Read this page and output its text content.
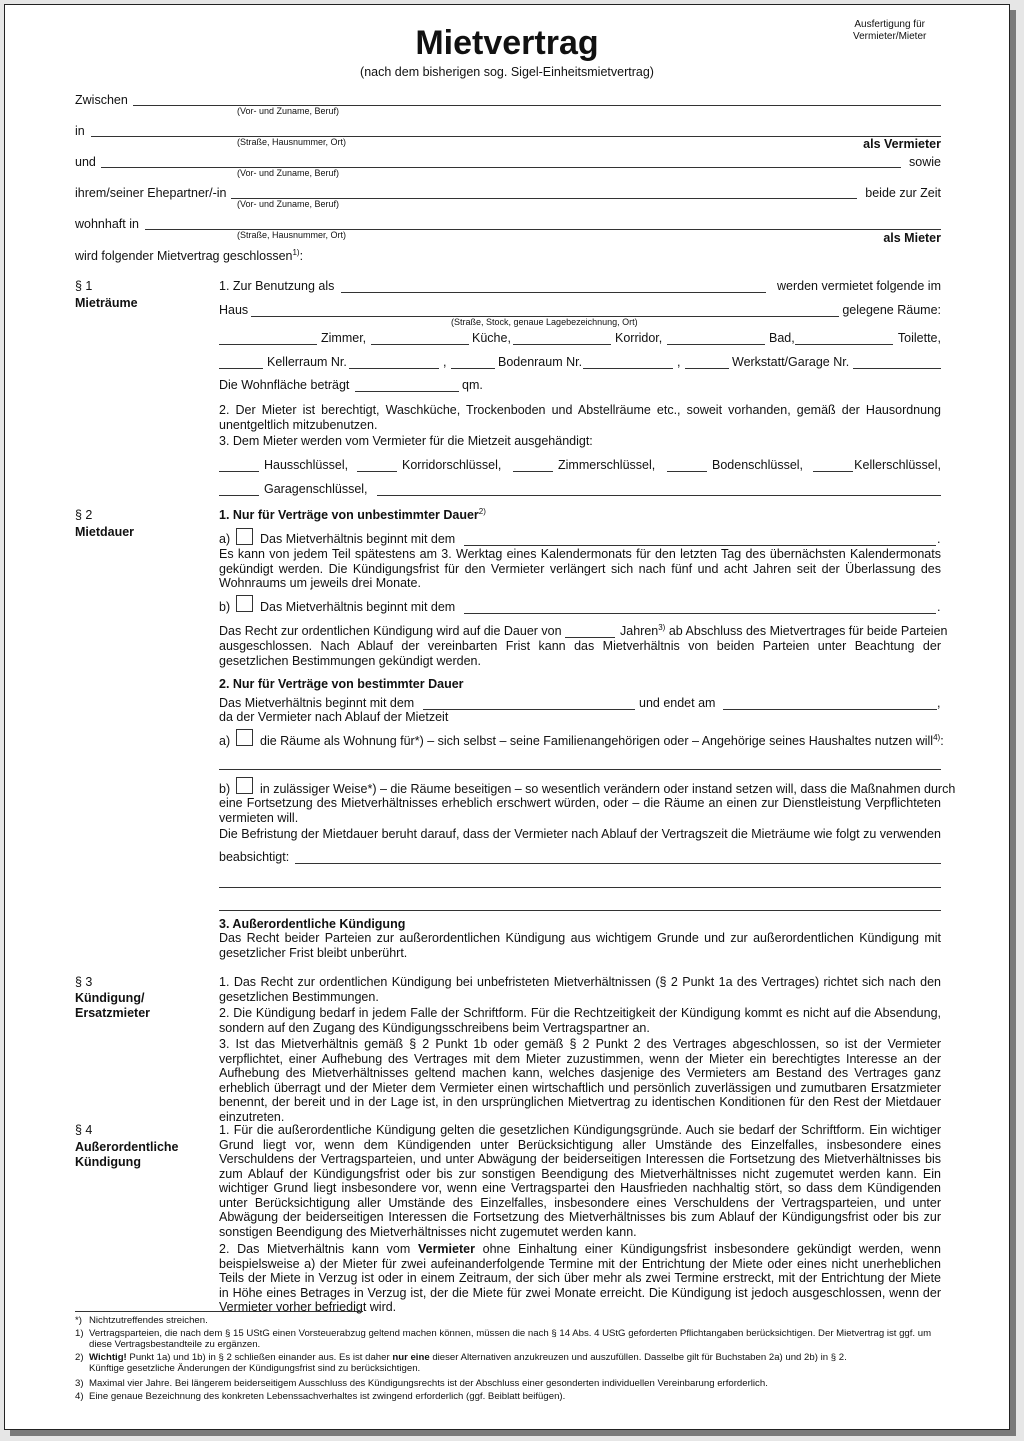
Mietvertrag
(nach dem bisherigen sog. Sigel-Einheitsmietvertrag)
Ausfertigung für
Vermieter/Mieter
Zwischen
(Vor- und Zuname, Beruf)
in
(Straße, Hausnummer, Ort)	als Vermieter
und
(Vor- und Zuname, Beruf)
sowie
ihrem/seiner Ehepartner/-in
(Vor- und Zuname, Beruf)
beide zur Zeit
wohnhaft in
(Straße, Hausnummer, Ort)	als Mieter
wird folgender Mietvertrag geschlossen$^{1)}$:
§ 1
Mieträume
1. Zur Benutzung als	werden vermietet folgende im
Haus	gelegene Räume:
(Straße, Stock, genaue Lagebezeichnung, Ort)
Zimmer,	Küche,	Korridor,	Bad,	Toilette,
Kellerraum Nr.	,	Bodenraum Nr.	,	Werkstatt/Garage Nr.
Die Wohnfläche beträgt	qm.
2. Der Mieter ist berechtigt, Waschküche, Trockenboden und Abstellräume etc., soweit vorhanden, gemäß der Hausordnung unentgeltlich mitzubenutzen.
3. Dem Mieter werden vom Vermieter für die Mietzeit ausgehändigt:
Hausschlüssel,	Korridorschlüssel,	Zimmerschlüssel,	Bodenschlüssel,	Kellerschlüssel,
Garagenschlüssel,
§ 2
Mietdauer
1. Nur für Verträge von unbestimmter Dauer$^{2)}$
a) Das Mietverhältnis beginnt mit dem	.
Es kann von jedem Teil spätestens am 3. Werktag eines Kalendermonats für den letzten Tag des übernächsten Kalendermonats gekündigt werden. Die Kündigungsfrist für den Vermieter verlängert sich nach fünf und acht Jahren seit der Überlassung des Wohnraums um jeweils drei Monate.
b) Das Mietverhältnis beginnt mit dem	.
Das Recht zur ordentlichen Kündigung wird auf die Dauer von	Jahren$^{3)}$ ab Abschluss des Mietvertrages für beide Parteien
ausgeschlossen. Nach Ablauf der vereinbarten Frist kann das Mietverhältnis von beiden Parteien unter Beachtung der gesetzlichen Bestimmungen gekündigt werden.
2. Nur für Verträge von bestimmter Dauer
Das Mietverhältnis beginnt mit dem	und endet am	,
da der Vermieter nach Ablauf der Mietzeit
a) die Räume als Wohnung für*) – sich selbst – seine Familienangehörigen oder – Angehörige seines Haushaltes nutzen will$^{4)}$:
b) in zulässiger Weise*) – die Räume beseitigen – so wesentlich verändern oder instand setzen will, dass die Maßnahmen durch
eine Fortsetzung des Mietverhältnisses erheblich erschwert würden, oder – die Räume an einen zur Dienstleistung Verpflichteten vermieten will.
Die Befristung der Mietdauer beruht darauf, dass der Vermieter nach Ablauf der Vertragszeit die Mieträume wie folgt zu verwenden
beabsichtigt:
3. Außerordentliche Kündigung
Das Recht beider Parteien zur außerordentlichen Kündigung aus wichtigem Grunde und zur außerordentlichen Kündigung mit gesetzlicher Frist bleibt unberührt.
§ 3
Kündigung/
Ersatzmieter
1. Das Recht zur ordentlichen Kündigung bei unbefristeten Mietverhältnissen (§ 2 Punkt 1a des Vertrages) richtet sich nach den gesetzlichen Bestimmungen.
2. Die Kündigung bedarf in jedem Falle der Schriftform. Für die Rechtzeitigkeit der Kündigung kommt es nicht auf die Absendung, sondern auf den Zugang des Kündigungsschreibens beim Vertragspartner an.
3. Ist das Mietverhältnis gemäß § 2 Punkt 1b oder gemäß § 2 Punkt 2 des Vertrages abgeschlossen, so ist der Vermieter verpflichtet, einer Aufhebung des Vertrages mit dem Mieter zuzustimmen, wenn der Mieter ein berechtigtes Interesse an der Aufhebung des Mietverhältnisses geltend machen kann, welches dasjenige des Vermieters am Bestand des Vertrages ganz erheblich überragt und der Mieter dem Vermieter einen wirtschaftlich und persönlich zuverlässigen und zumutbaren Ersatzmieter benennt, der bereit und in der Lage ist, in den ursprünglichen Mietvertrag zu identischen Konditionen für den Rest der Mietdauer einzutreten.
§ 4
Außerordentliche
Kündigung
1. Für die außerordentliche Kündigung gelten die gesetzlichen Kündigungsgründe. Auch sie bedarf der Schriftform. Ein wichtiger Grund liegt vor, wenn dem Kündigenden unter Berücksichtigung aller Umstände des Einzelfalles, insbesondere eines Verschuldens der Vertragsparteien, und unter Abwägung der beiderseitigen Interessen die Fortsetzung des Mietverhältnisses bis zum Ablauf der Kündigungsfrist oder bis zur sonstigen Beendigung des Mietverhältnisses nicht zugemutet werden kann. Ein wichtiger Grund liegt insbesondere vor, wenn eine Vertragspartei den Hausfrieden nachhaltig stört, so dass dem Kündigenden unter Berücksichtigung aller Umstände des Einzelfalles, insbesondere eines Verschuldens der Vertragsparteien, und unter Abwägung der beiderseitigen Interessen die Fortsetzung des Mietverhältnisses bis zum Ablauf der Kündigungsfrist oder bis zur sonstigen Beendigung des Mietverhältnisses nicht zugemutet werden kann.
2. Das Mietverhältnis kann vom Vermieter ohne Einhaltung einer Kündigungsfrist insbesondere gekündigt werden, wenn beispielsweise a) der Mieter für zwei aufeinanderfolgende Termine mit der Entrichtung der Miete oder eines nicht unerheblichen Teils der Miete in Verzug ist oder in einem Zeitraum, der sich über mehr als zwei Termine erstreckt, mit der Entrichtung der Miete in Höhe eines Betrages in Verzug ist, der die Miete für zwei Monate erreicht. Die Kündigung ist jedoch ausgeschlossen, wenn der Vermieter vorher befriedigt wird.
*) Nichtzutreffendes streichen.
1) Vertragsparteien, die nach dem § 15 UStG einen Vorsteuerabzug geltend machen können, müssen die nach § 14 Abs. 4 UStG geforderten Pflichtangaben berücksichtigen. Der Mietvertrag ist ggf. um diese Vertragsbestandteile zu ergänzen.
2) Wichtig! Punkt 1a) und 1b) in § 2 schließen einander aus. Es ist daher nur eine dieser Alternativen anzukreuzen und auszufüllen. Dasselbe gilt für Buchstaben 2a) und 2b) in § 2.
Künftige gesetzliche Änderungen der Kündigungsfrist sind zu berücksichtigen.
3) Maximal vier Jahre. Bei längerem beiderseitigem Ausschluss des Kündigungsrechts ist der Abschluss einer gesonderten individuellen Vereinbarung erforderlich.
4) Eine genaue Bezeichnung des konkreten Lebenssachverhaltes ist zwingend erforderlich (ggf. Beiblatt beifügen).
